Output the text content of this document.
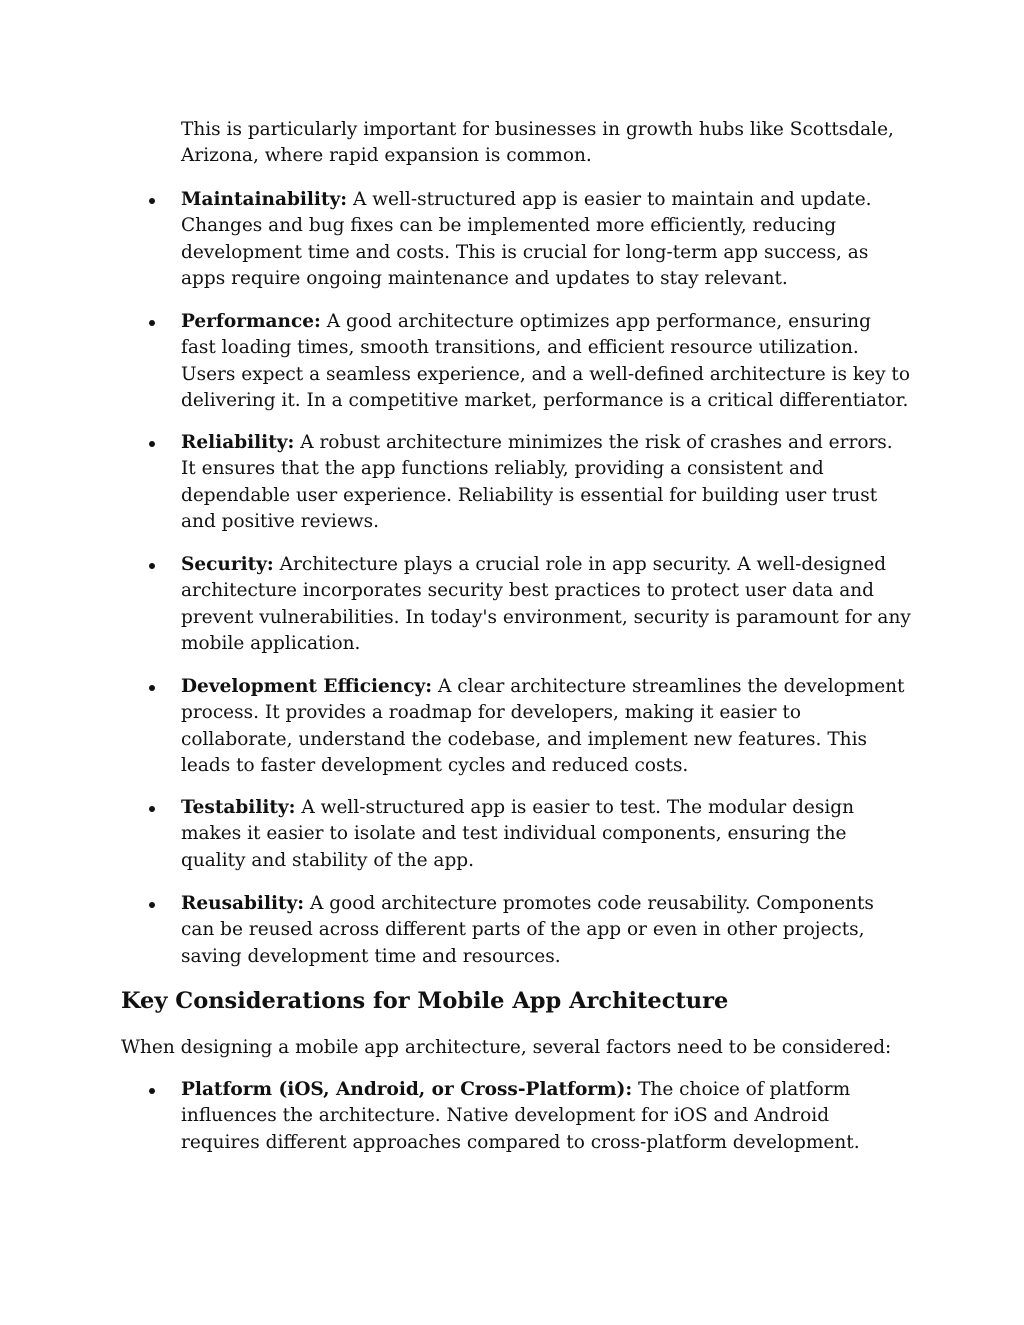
This is particularly important for businesses in growth hubs like Scottsdale, Arizona, where rapid expansion is common.

Maintainability: A well-structured app is easier to maintain and update. Changes and bug fixes can be implemented more efficiently, reducing development time and costs. This is crucial for long-term app success, as apps require ongoing maintenance and updates to stay relevant.
Performance: A good architecture optimizes app performance, ensuring fast loading times, smooth transitions, and efficient resource utilization. Users expect a seamless experience, and a well-defined architecture is key to delivering it. In a competitive market, performance is a critical differentiator.
Reliability: A robust architecture minimizes the risk of crashes and errors. It ensures that the app functions reliably, providing a consistent and dependable user experience. Reliability is essential for building user trust and positive reviews.
Security: Architecture plays a crucial role in app security. A well-designed architecture incorporates security best practices to protect user data and prevent vulnerabilities. In today's environment, security is paramount for any mobile application.
Development Efficiency: A clear architecture streamlines the development process. It provides a roadmap for developers, making it easier to collaborate, understand the codebase, and implement new features. This leads to faster development cycles and reduced costs.
Testability: A well-structured app is easier to test. The modular design makes it easier to isolate and test individual components, ensuring the quality and stability of the app.
Reusability: A good architecture promotes code reusability. Components can be reused across different parts of the app or even in other projects, saving development time and resources.
Key Considerations for Mobile App Architecture

When designing a mobile app architecture, several factors need to be considered:

Platform (iOS, Android, or Cross-Platform): The choice of platform influences the architecture. Native development for iOS and Android requires different approaches compared to cross-platform development.
